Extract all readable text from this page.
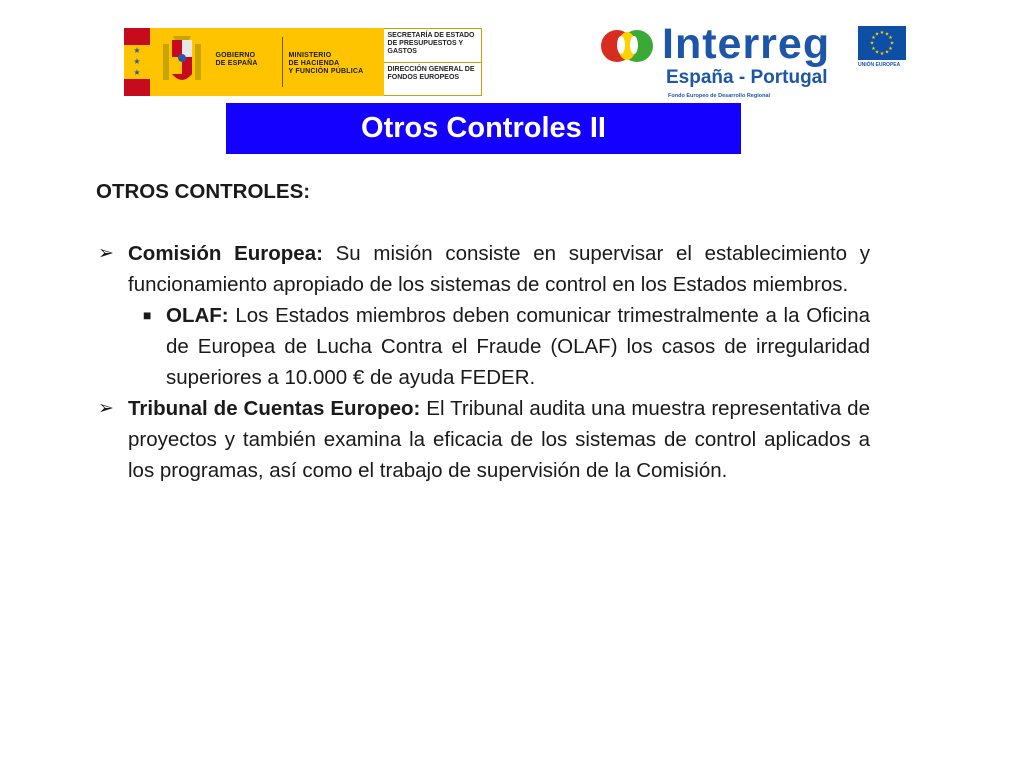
★
★
★
GOBIERNO
DE ESPAÑA
MINISTERIO
DE HACIENDA
Y FUNCIÓN PÚBLICA
SECRETARÍA DE ESTADO DE PRESUPUESTOS Y GASTOS
DIRECCIÓN GENERAL DE FONDOS EUROPEOS
Interreg
España - Portugal
Fondo Europeo de Desarrollo Regional
★ ★
★
★
★
★
★
★
★
★
★
★
UNIÓN EUROPEA
Otros Controles II

OTROS CONTROLES:

➢ Comisión Europea: Su misión consiste en supervisar el establecimiento y funcionamiento apropiado de los sistemas de control en los Estados miembros.

■ OLAF: Los Estados miembros deben comunicar trimestralmente a la Oficina de Europea de Lucha Contra el Fraude (OLAF) los casos de irregularidad superiores a 10.000 € de ayuda FEDER.

➢ Tribunal de Cuentas Europeo: El Tribunal audita una muestra representativa de proyectos y también examina la eficacia de los sistemas de control aplicados a los programas, así como el trabajo de supervisión de la Comisión.
